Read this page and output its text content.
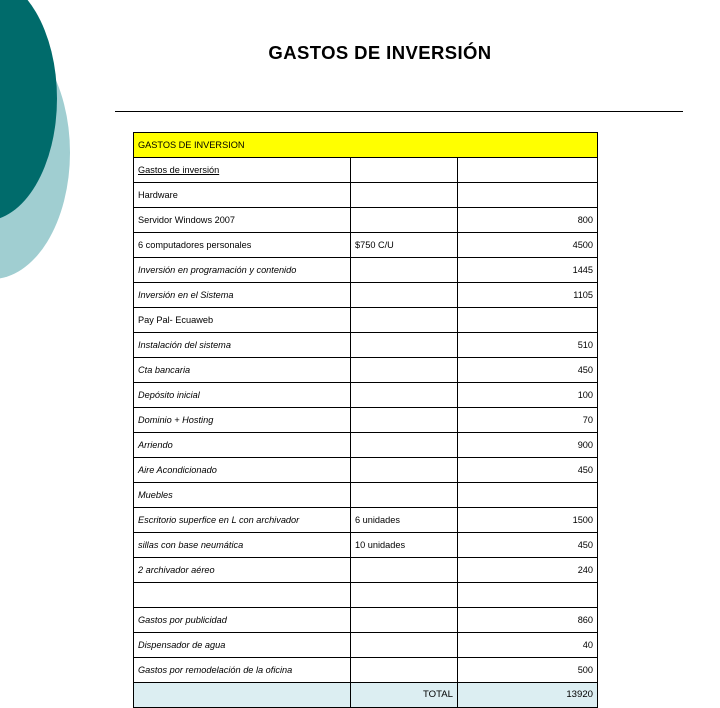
GASTOS DE INVERSIÓN
GASTOS DE INVERSION		
Gastos de inversión		
Hardware		
Servidor Windows 2007		800
6 computadores personales	$750 C/U	4500
Inversión en programación y contenido		1445
Inversión en el Sistema		1105
Pay Pal- Ecuaweb		
Instalación del sistema		510
Cta bancaria		450
Depósito inicial		100
Dominio + Hosting		70
Arriendo		900
Aire Acondicionado		450
Muebles		
Escritorio superfice en L con archivador	6 unidades	1500
sillas con base neumática	10 unidades	450
2 archivador aéreo		240

Gastos por publicidad		860
Dispensador de agua		40
Gastos por remodelación de la oficina		500
	TOTAL	13920
